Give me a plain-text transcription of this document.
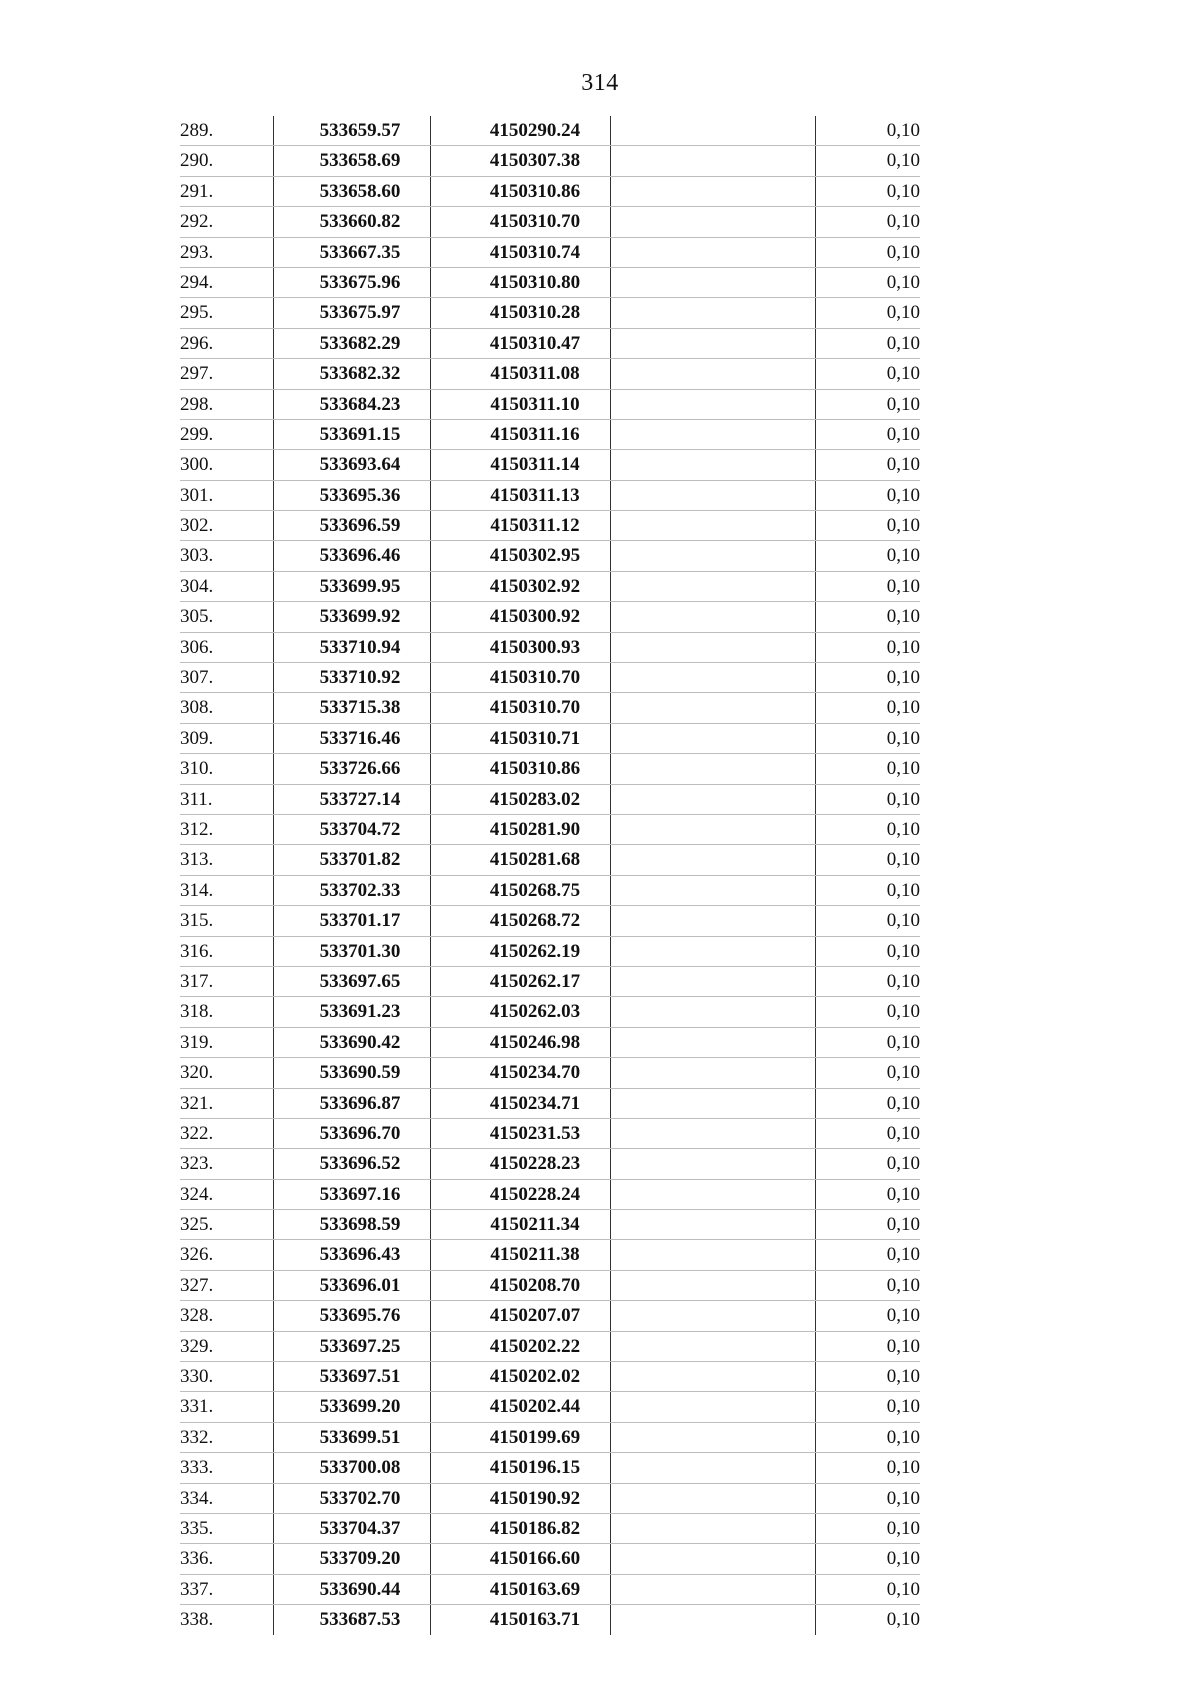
314
289.	533659.57	4150290.24	0,10
290.	533658.69	4150307.38	0,10
291.	533658.60	4150310.86	0,10
292.	533660.82	4150310.70	0,10
293.	533667.35	4150310.74	0,10
294.	533675.96	4150310.80	0,10
295.	533675.97	4150310.28	0,10
296.	533682.29	4150310.47	0,10
297.	533682.32	4150311.08	0,10
298.	533684.23	4150311.10	0,10
299.	533691.15	4150311.16	0,10
300.	533693.64	4150311.14	0,10
301.	533695.36	4150311.13	0,10
302.	533696.59	4150311.12	0,10
303.	533696.46	4150302.95	0,10
304.	533699.95	4150302.92	0,10
305.	533699.92	4150300.92	0,10
306.	533710.94	4150300.93	0,10
307.	533710.92	4150310.70	0,10
308.	533715.38	4150310.70	0,10
309.	533716.46	4150310.71	0,10
310.	533726.66	4150310.86	0,10
311.	533727.14	4150283.02	0,10
312.	533704.72	4150281.90	0,10
313.	533701.82	4150281.68	0,10
314.	533702.33	4150268.75	0,10
315.	533701.17	4150268.72	0,10
316.	533701.30	4150262.19	0,10
317.	533697.65	4150262.17	0,10
318.	533691.23	4150262.03	0,10
319.	533690.42	4150246.98	0,10
320.	533690.59	4150234.70	0,10
321.	533696.87	4150234.71	0,10
322.	533696.70	4150231.53	0,10
323.	533696.52	4150228.23	0,10
324.	533697.16	4150228.24	0,10
325.	533698.59	4150211.34	0,10
326.	533696.43	4150211.38	0,10
327.	533696.01	4150208.70	0,10
328.	533695.76	4150207.07	0,10
329.	533697.25	4150202.22	0,10
330.	533697.51	4150202.02	0,10
331.	533699.20	4150202.44	0,10
332.	533699.51	4150199.69	0,10
333.	533700.08	4150196.15	0,10
334.	533702.70	4150190.92	0,10
335.	533704.37	4150186.82	0,10
336.	533709.20	4150166.60	0,10
337.	533690.44	4150163.69	0,10
338.	533687.53	4150163.71	0,10
